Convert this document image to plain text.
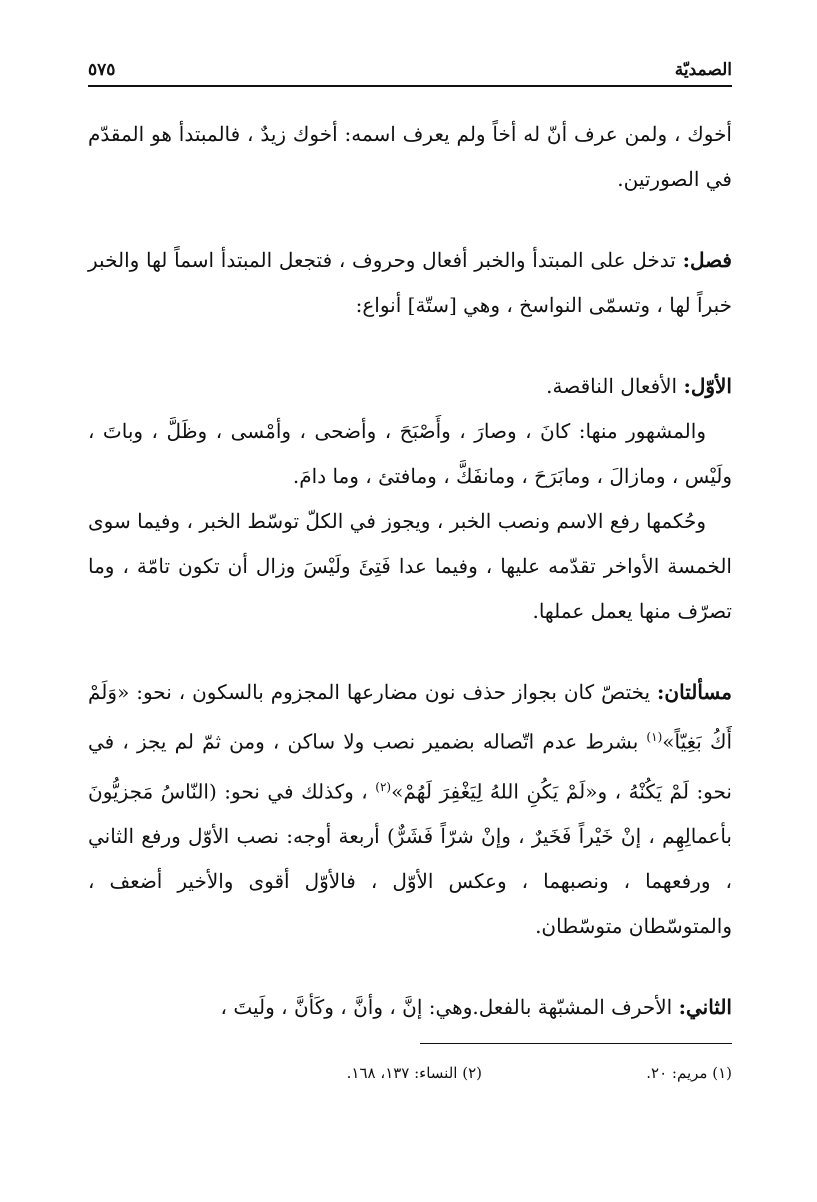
الصمديّة
٥٧٥

أخوك ، ولمن عرف أنّ له أخاً ولم يعرف اسمه: أخوك زيدٌ ، فالمبتدأ هو المقدّم في الصورتين.

فصل: تدخل على المبتدأ والخبر أفعال وحروف ، فتجعل المبتدأ اسماً لها والخبر خبراً لها ، وتسمّى النواسخ ، وهي [ستّة] أنواع:

الأوّل: الأفعال الناقصة.

والمشهور منها: كانَ ، وصارَ ، وأَصْبَحَ ، وأضحى ، وأمْسى ، وظَلَّ ، وباتَ ، ولَيْس ، ومازالَ ، ومابَرَحَ ، ومانفَكَّ ، ومافتئ ، وما دامَ.

وحُكمها رفع الاسم ونصب الخبر ، ويجوز في الكلّ توسّط الخبر ، وفيما سوى الخمسة الأواخر تقدّمه عليها ، وفيما عدا فَتِئَ ولَيْسَ وزال أن تكون تامّة ، وما تصرّف منها يعمل عملها.

مسألتان: يختصّ كان بجواز حذف نون مضارعها المجزوم بالسكون ، نحو: «وَلَمْ أَكُ بَغِيّاً»$^{(١)}$ بشرط عدم اتّصاله بضمير نصب ولا ساكن ، ومن ثمّ لم يجز ، في نحو: لَمْ يَكُنْهُ ، و«لَمْ يَكُنِ اللهُ لِيَغْفِرَ لَهُمْ»$^{(٢)}$ ، وكذلك في نحو: (النّاسُ مَجزيُّونَ بأعمالِهِم ، إنْ خَيْراً فَخَيرٌ ، وإنْ شرّاً فَشَرٌّ) أربعة أوجه: نصب الأوّل ورفع الثاني ، ورفعهما ، ونصبهما ، وعكس الأوّل ، فالأوّل أقوى والأخير أضعف ، والمتوسّطان متوسّطان.

الثاني: الأحرف المشبّهة بالفعل.وهي: إنَّ ، وأنَّ ، وكَأنَّ ، ولَيتَ ،

(١) مريم: ٢٠.
(٢) النساء: ١٣٧، ١٦٨.
